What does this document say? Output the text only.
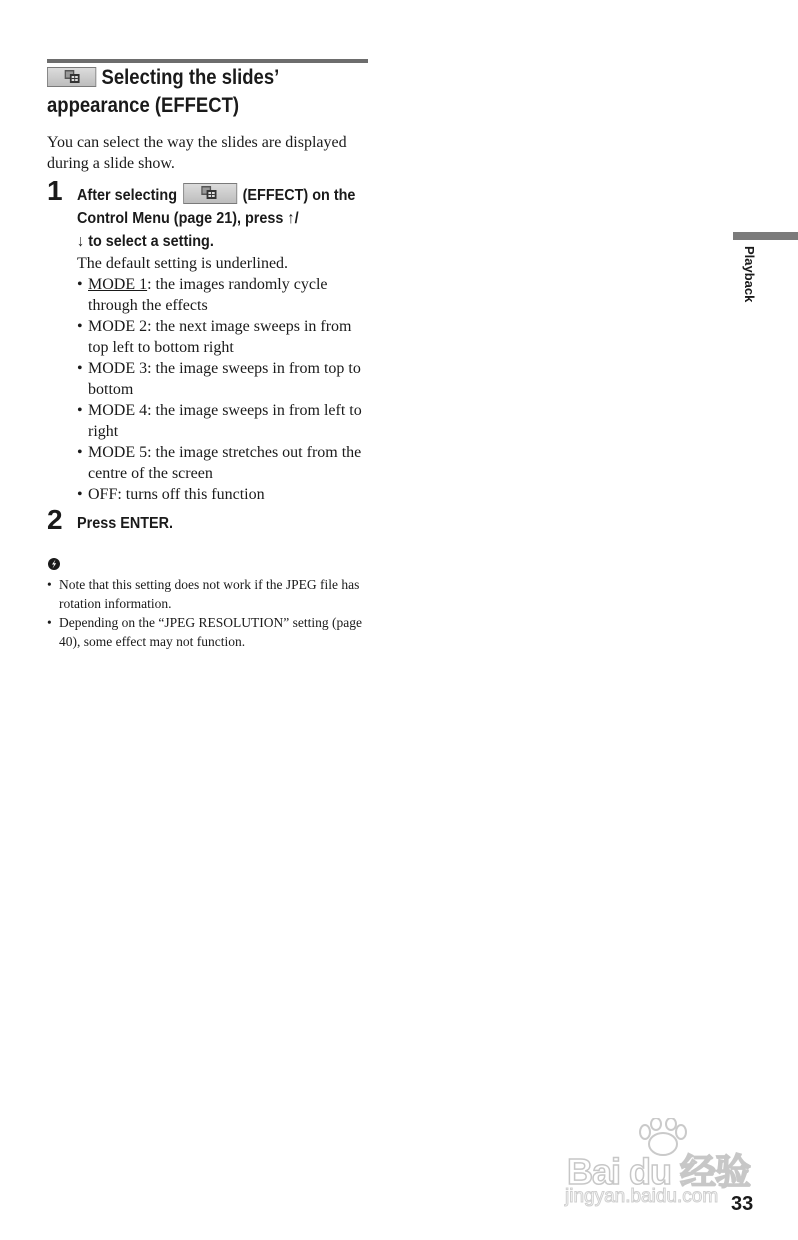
Selecting the slides’ appearance (EFFECT)

You can select the way the slides are displayed during a slide show.

1 After selecting	(EFFECT) on the Control Menu (page 21), press ↑/
↓ to select a setting.

The default setting is underlined.

• MODE 1: the images randomly cycle through the effects
• MODE 2: the next image sweeps in from top left to bottom right
• MODE 3: the image sweeps in from top to bottom
• MODE 4: the image sweeps in from left to right
• MODE 5: the image stretches out from the centre of the screen
• OFF: turns off this function
2 Press ENTER.

• Note that this setting does not work if the JPEG file has rotation information.
• Depending on the “JPEG RESOLUTION” setting (page 40), some effect may not function.
Playback
Bai du 经验
jingyan.baidu.com 33
